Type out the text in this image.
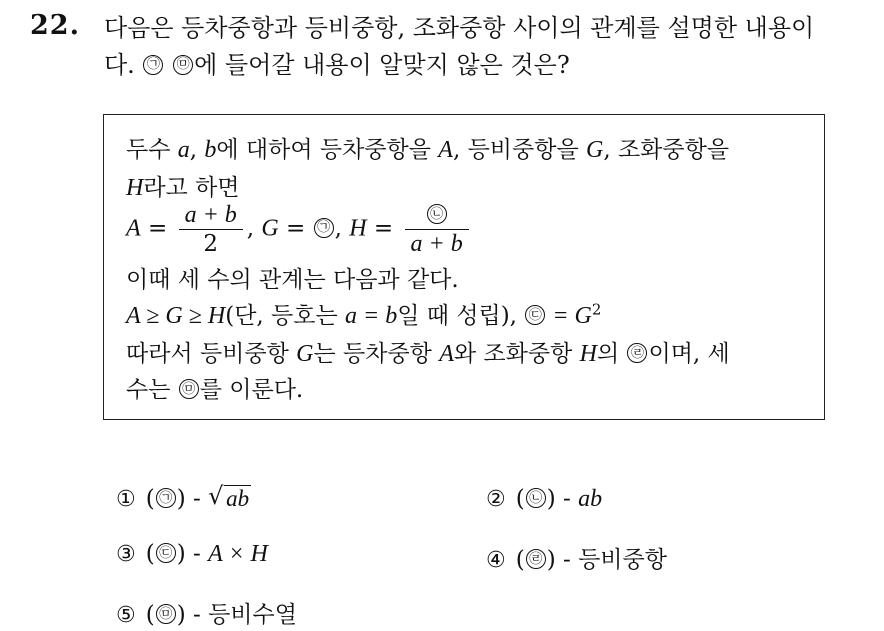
22. 다음은 등차중항과 등비중항, 조화중항 사이의 관계를 설명한 내용이
다. ㉠ ㉤ 에 들어갈 내용이 알맞지 않은 것은?
두수 a, b에 대하여 등차중항을 A, 등비중항을 G, 조화중항을
H라고 하면
$A = \frac{a + b}{2}$ , G = ㉠ , $H = \frac{㉡}{a + b}$
이때 세 수의 관계는 다음과 같다.
A ≥ G ≥ H(단, 등호는 a = b일 때 성립), ㉢ = $G^2$
따라서 등비중항 G는 등차중항 A와 조화중항 H의 ㉣ 이며, 세
수는 ㉤ 를 이룬다.
① ( ㉠ ) - √ ab	② ( ㉡ ) - ab
③ ( ㉢ ) - A × H	④ ( ㉣ ) - 등비중항
⑤ ( ㉤ ) - 등비수열
